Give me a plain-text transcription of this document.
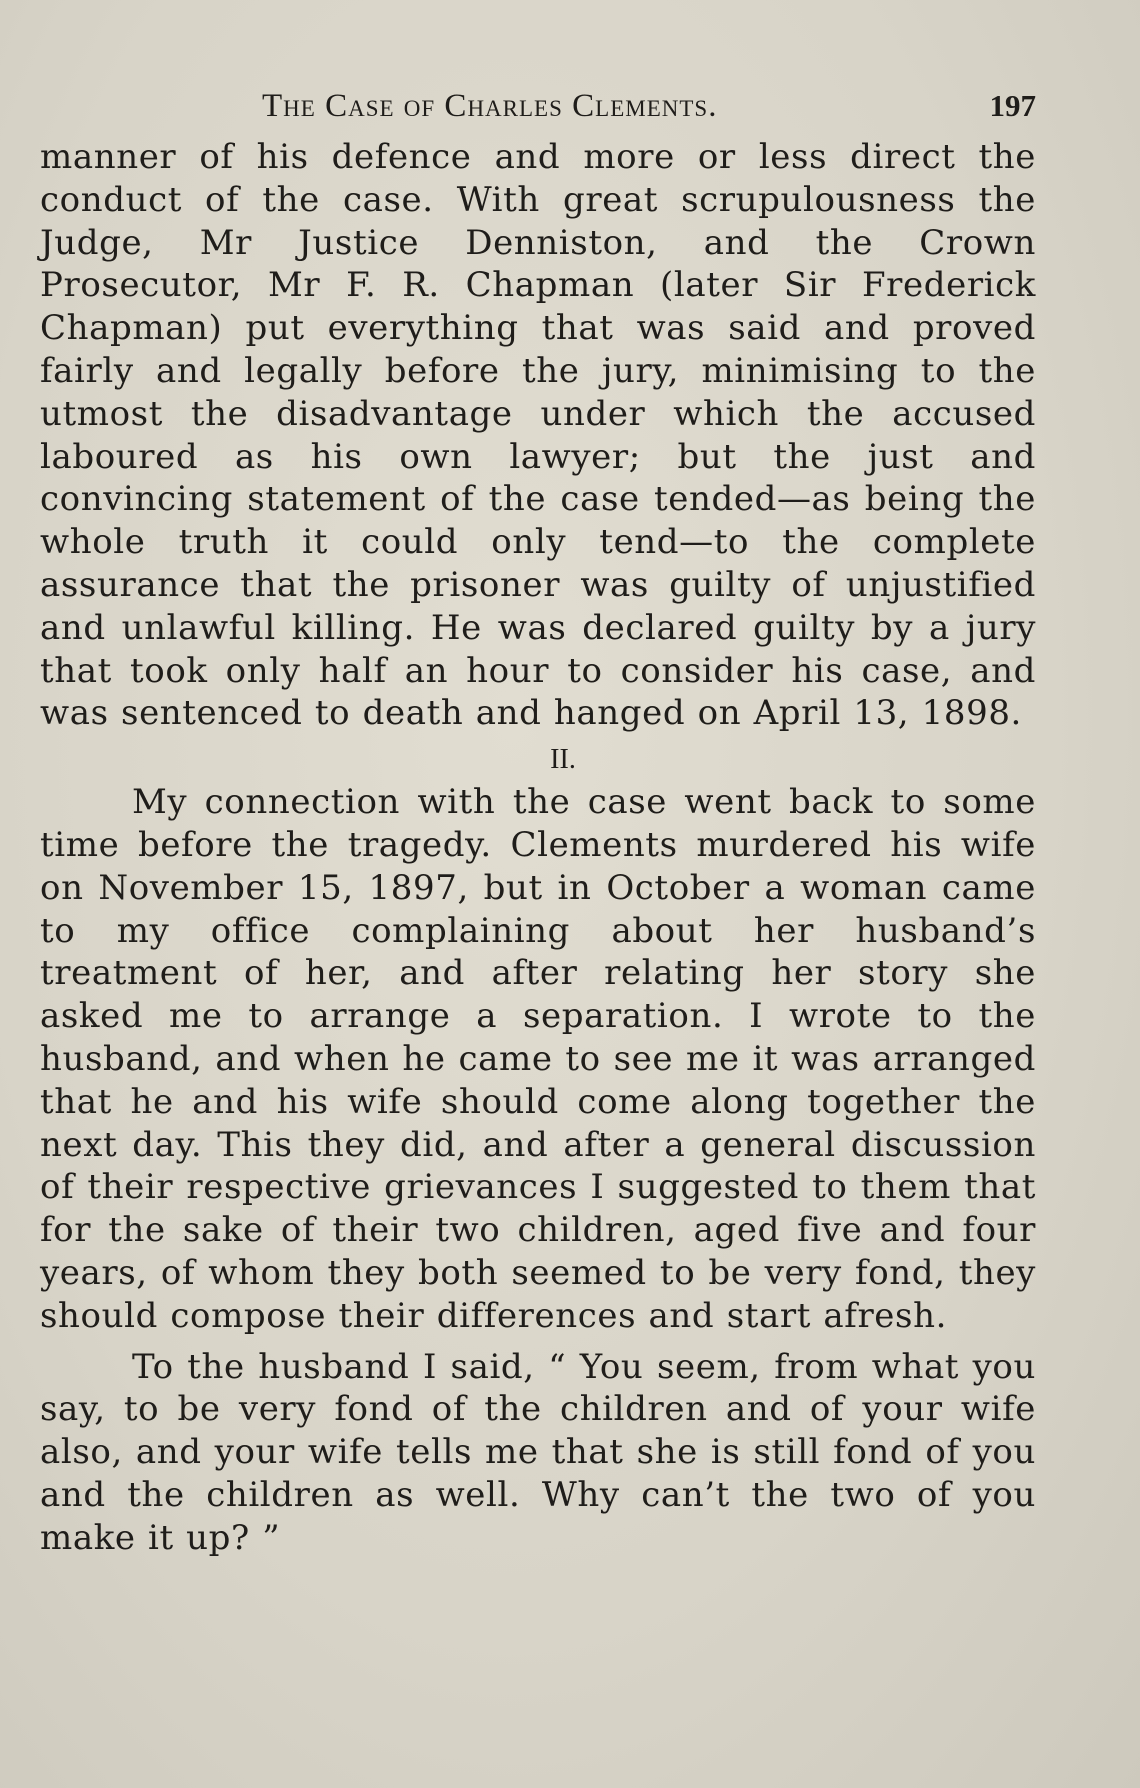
The Case of Charles Clements.	197

manner of his defence and more or less direct the conduct of the case. With great scrupulousness the Judge, Mr Justice Denniston, and the Crown Prosecutor, Mr F. R. Chapman (later Sir Frederick Chapman) put everything that was said and proved fairly and legally before the jury, minimising to the utmost the disadvantage under which the accused laboured as his own lawyer; but the just and convincing statement of the case tended—as being the whole truth it could only tend—to the complete assurance that the prisoner was guilty of unjustified and unlawful killing. He was declared guilty by a jury that took only half an hour to consider his case, and was sentenced to death and hanged on April 13, 1898.

II.

My connection with the case went back to some time before the tragedy. Clements murdered his wife on November 15, 1897, but in October a woman came to my office complaining about her husband’s treatment of her, and after relating her story she asked me to arrange a separation. I wrote to the husband, and when he came to see me it was arranged that he and his wife should come along together the next day. This they did, and after a general discussion of their respective grievances I suggested to them that for the sake of their two children, aged five and four years, of whom they both seemed to be very fond, they should compose their differences and start afresh.

To the husband I said, “ You seem, from what you say, to be very fond of the children and of your wife also, and your wife tells me that she is still fond of you and the children as well. Why can’t the two of you make it up? ”
